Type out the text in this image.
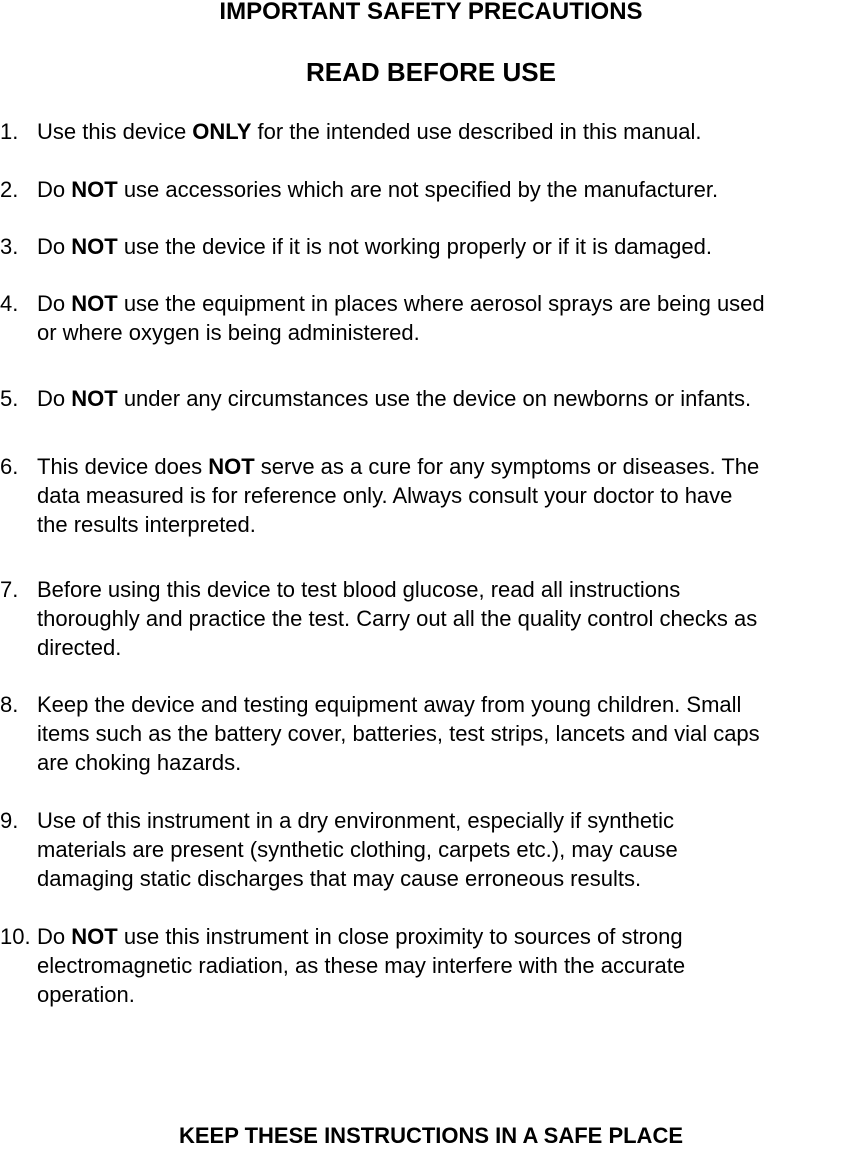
IMPORTANT SAFETY PRECAUTIONS
READ BEFORE USE
1. Use this device ONLY for the intended use described in this manual.
2. Do NOT use accessories which are not specified by the manufacturer.
3. Do NOT use the device if it is not working properly or if it is damaged.
4. Do NOT use the equipment in places where aerosol sprays are being used
or where oxygen is being administered.
5. Do NOT under any circumstances use the device on newborns or infants.
6. This device does NOT serve as a cure for any symptoms or diseases. The
data measured is for reference only. Always consult your doctor to have
the results interpreted.
7. Before using this device to test blood glucose, read all instructions
thoroughly and practice the test. Carry out all the quality control checks as
directed.
8. Keep the device and testing equipment away from young children. Small
items such as the battery cover, batteries, test strips, lancets and vial caps
are choking hazards.
9. Use of this instrument in a dry environment, especially if synthetic
materials are present (synthetic clothing, carpets etc.), may cause
damaging static discharges that may cause erroneous results.
10. Do NOT use this instrument in close proximity to sources of strong
electromagnetic radiation, as these may interfere with the accurate
operation.
KEEP THESE INSTRUCTIONS IN A SAFE PLACE
